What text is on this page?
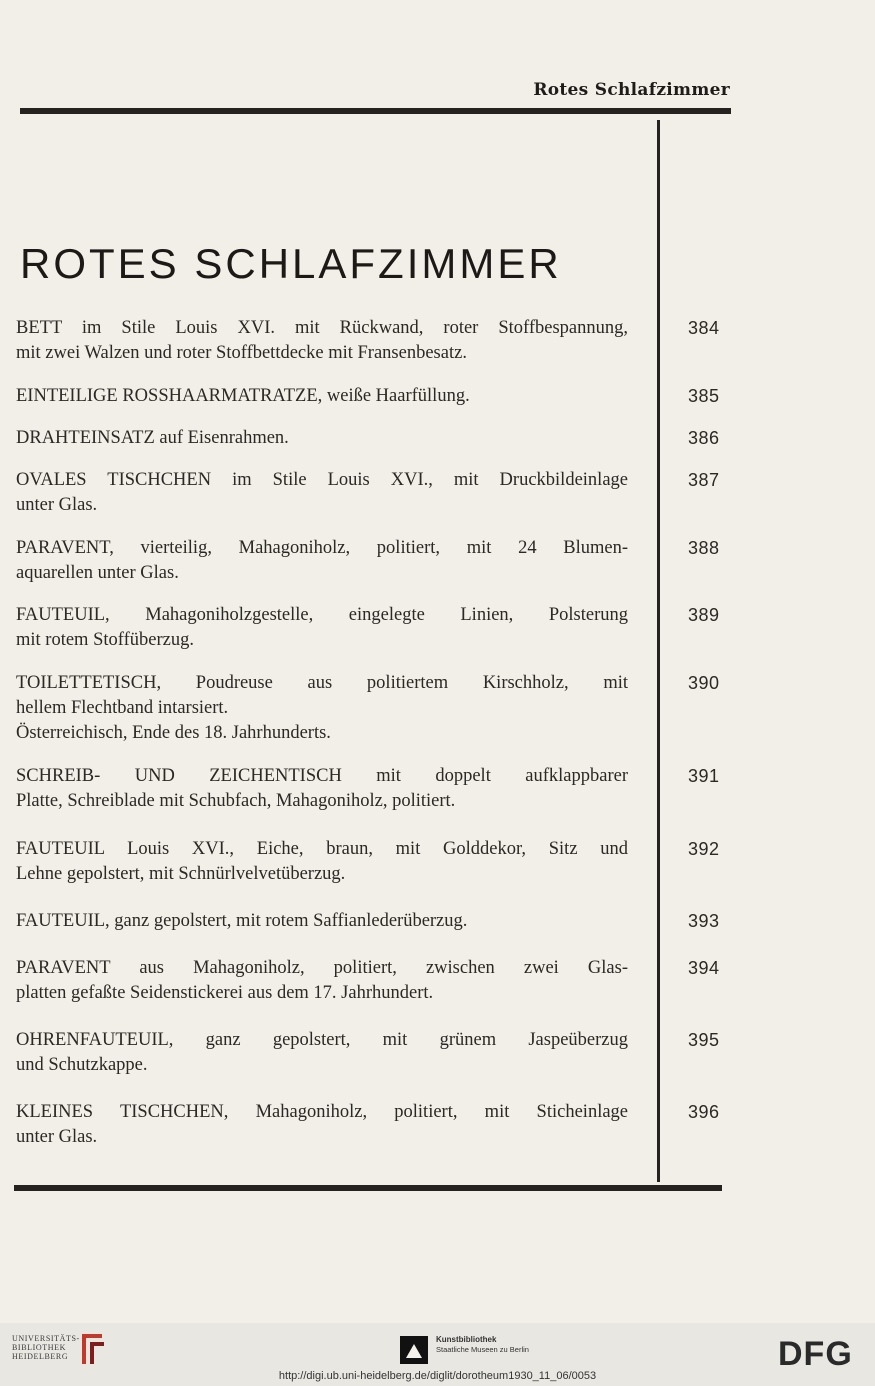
Rotes Schlafzimmer
ROTES SCHLAFZIMMER
BETT im Stile Louis XVI. mit Rückwand, roter Stoffbespannung,
mit zwei Walzen und roter Stoffbettdecke mit Fransenbesatz.
384
EINTEILIGE ROSSHAARMATRATZE, weiße Haarfüllung.	385
DRAHTEINSATZ auf Eisenrahmen.	386
OVALES TISCHCHEN im Stile Louis XVI., mit Druckbildeinlage
unter Glas.
387
PARAVENT, vierteilig, Mahagoniholz, politiert, mit 24 Blumen-
aquarellen unter Glas.
388
FAUTEUIL, Mahagoniholzgestelle, eingelegte Linien, Polsterung
mit rotem Stoffüberzug.
389
TOILETTETISCH, Poudreuse aus politiertem Kirschholz, mit
hellem Flechtband intarsiert.
Österreichisch, Ende des 18. Jahrhunderts.
390
SCHREIB- UND ZEICHENTISCH mit doppelt aufklappbarer
Platte, Schreiblade mit Schubfach, Mahagoniholz, politiert.
391
FAUTEUIL Louis XVI., Eiche, braun, mit Golddekor, Sitz und
Lehne gepolstert, mit Schnürlvelvetüberzug.
392
FAUTEUIL, ganz gepolstert, mit rotem Saffianlederüberzug.	393
PARAVENT aus Mahagoniholz, politiert, zwischen zwei Glas-
platten gefaßte Seidenstickerei aus dem 17. Jahrhundert.
394
OHRENFAUTEUIL, ganz gepolstert, mit grünem Jaspeüberzug
und Schutzkappe.
395
KLEINES TISCHCHEN, Mahagoniholz, politiert, mit Sticheinlage
unter Glas.
396
UNIVERSITÄTS-
BIBLIOTHEK
HEIDELBERG
Kunstbibliothek
Staatliche Museen zu Berlin	DFG
http://digi.ub.uni-heidelberg.de/diglit/dorotheum1930_11_06/0053
